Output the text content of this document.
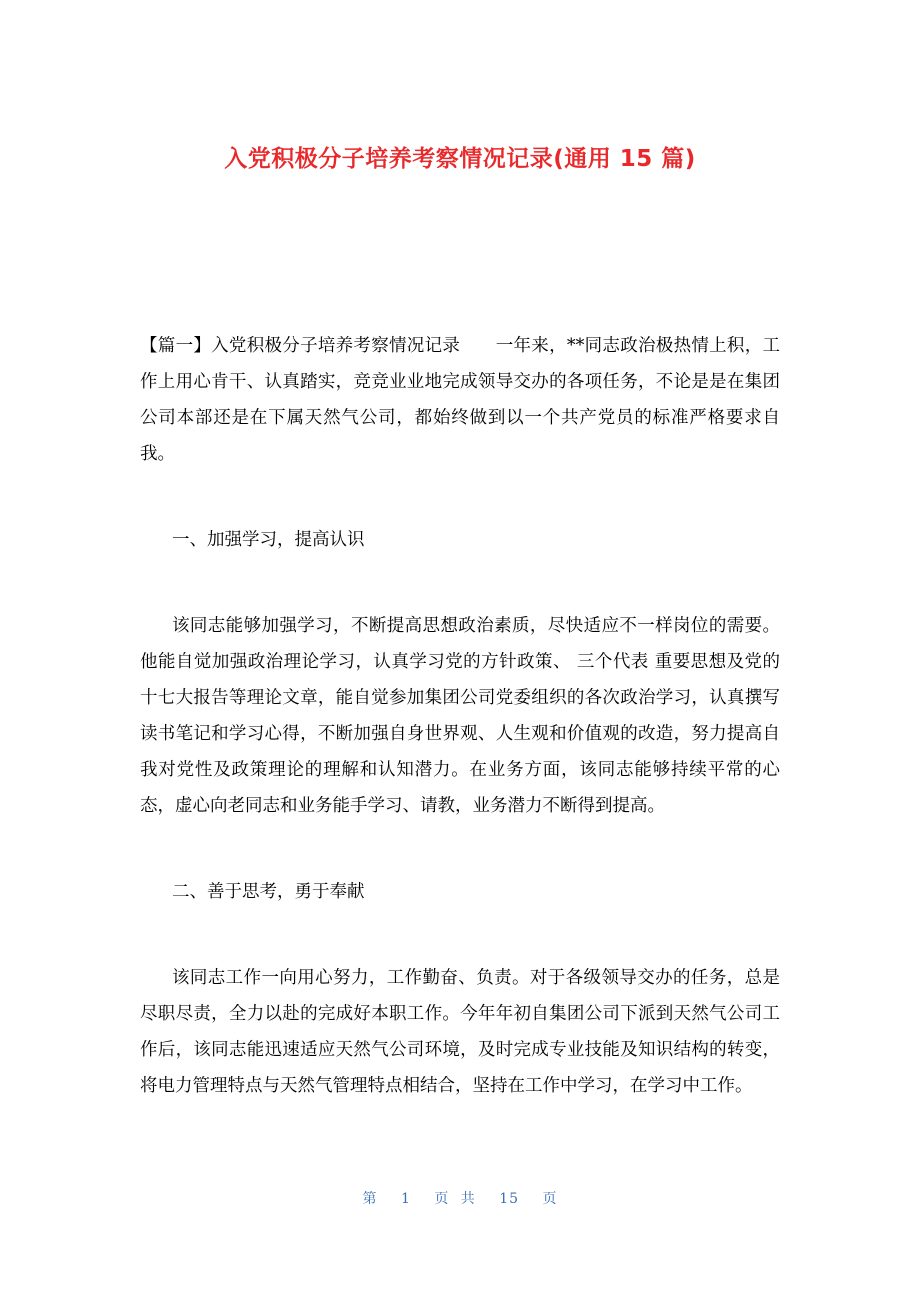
入党积极分子培养考察情况记录(通用 15 篇)

【篇一】入党积极分子培养考察情况记录　　一年来，**同志政治极热情上积，工作上用心肯干、认真踏实，竞竞业业地完成领导交办的各项任务，不论是是在集团公司本部还是在下属天然气公司，都始终做到以一个共产党员的标准严格要求自我。

一、加强学习，提高认识

该同志能够加强学习，不断提高思想政治素质，尽快适应不一样岗位的需要。他能自觉加强政治理论学习，认真学习党的方针政策、 三个代表 重要思想及党的十七大报告等理论文章，能自觉参加集团公司党委组织的各次政治学习，认真撰写读书笔记和学习心得，不断加强自身世界观、人生观和价值观的改造，努力提高自我对党性及政策理论的理解和认知潜力。在业务方面，该同志能够持续平常的心态，虚心向老同志和业务能手学习、请教，业务潜力不断得到提高。

二、善于思考，勇于奉献

该同志工作一向用心努力，工作勤奋、负责。对于各级领导交办的任务，总是尽职尽责，全力以赴的完成好本职工作。今年年初自集团公司下派到天然气公司工作后，该同志能迅速适应天然气公司环境，及时完成专业技能及知识结构的转变，将电力管理特点与天然气管理特点相结合，坚持在工作中学习，在学习中工作。

第 1 页 共 15 页
